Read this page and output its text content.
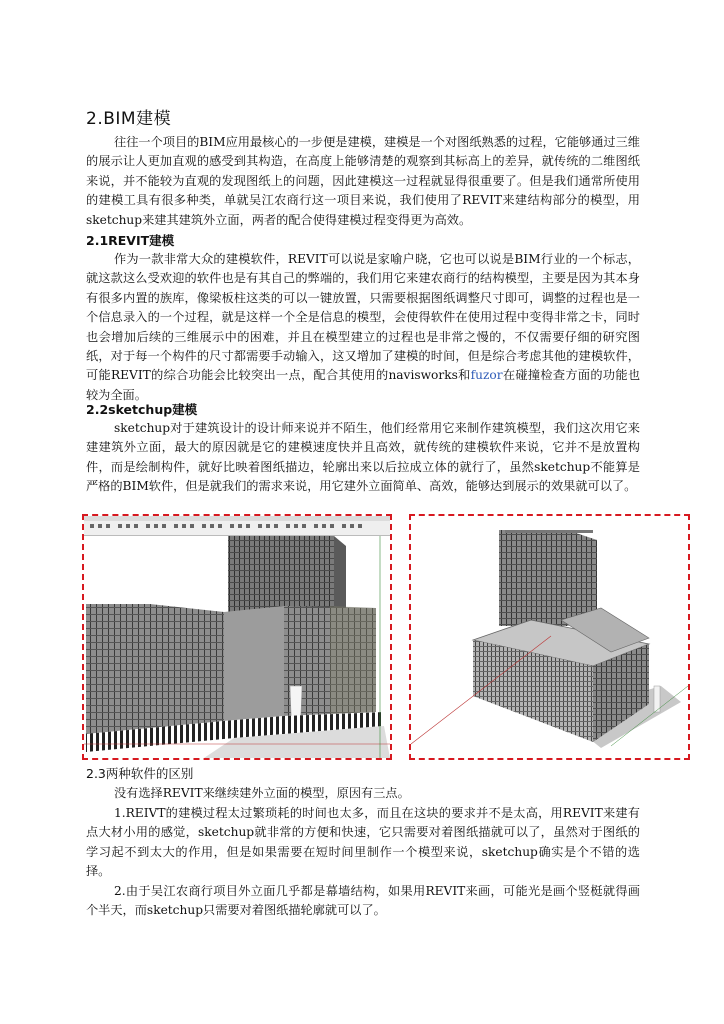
2.BIM建模

往往一个项目的BIM应用最核心的一步便是建模，建模是一个对图纸熟悉的过程，它能够通过三维的展示让人更加直观的感受到其构造，在高度上能够清楚的观察到其标高上的差异，就传统的二维图纸来说，并不能较为直观的发现图纸上的问题，因此建模这一过程就显得很重要了。但是我们通常所使用的建模工具有很多种类，单就吴江农商行这一项目来说，我们使用了REVIT来建结构部分的模型，用sketchup来建其建筑外立面，两者的配合使得建模过程变得更为高效。

2.1REVIT建模

作为一款非常大众的建模软件，REVIT可以说是家喻户晓，它也可以说是BIM行业的一个标志，就这款这么受欢迎的软件也是有其自己的弊端的，我们用它来建农商行的结构模型，主要是因为其本身有很多内置的族库，像梁板柱这类的可以一键放置，只需要根据图纸调整尺寸即可，调整的过程也是一个信息录入的一个过程，就是这样一个全是信息的模型，会使得软件在使用过程中变得非常之卡，同时也会增加后续的三维展示中的困难，并且在模型建立的过程也是非常之慢的，不仅需要仔细的研究图纸，对于每一个构件的尺寸都需要手动输入，这又增加了建模的时间，但是综合考虑其他的建模软件，可能REVIT的综合功能会比较突出一点，配合其使用的navisworks和fuzor在碰撞检查方面的功能也较为全面。

2.2sketchup建模

sketchup对于建筑设计的设计师来说并不陌生，他们经常用它来制作建筑模型，我们这次用它来建建筑外立面，最大的原因就是它的建模速度快并且高效，就传统的建模软件来说，它并不是放置构件，而是绘制构件，就好比映着图纸描边，轮廓出来以后拉成立体的就行了，虽然sketchup不能算是严格的BIM软件，但是就我们的需求来说，用它建外立面简单、高效，能够达到展示的效果就可以了。

2.3两种软件的区别

没有选择REVIT来继续建外立面的模型，原因有三点。

1.REIVT的建模过程太过繁琐耗的时间也太多，而且在这块的要求并不是太高，用REVIT来建有点大材小用的感觉，sketchup就非常的方便和快速，它只需要对着图纸描就可以了，虽然对于图纸的学习起不到太大的作用，但是如果需要在短时间里制作一个模型来说，sketchup确实是个不错的选择。

2.由于吴江农商行项目外立面几乎都是幕墙结构，如果用REVIT来画，可能光是画个竖梃就得画个半天，而sketchup只需要对着图纸描轮廓就可以了。
